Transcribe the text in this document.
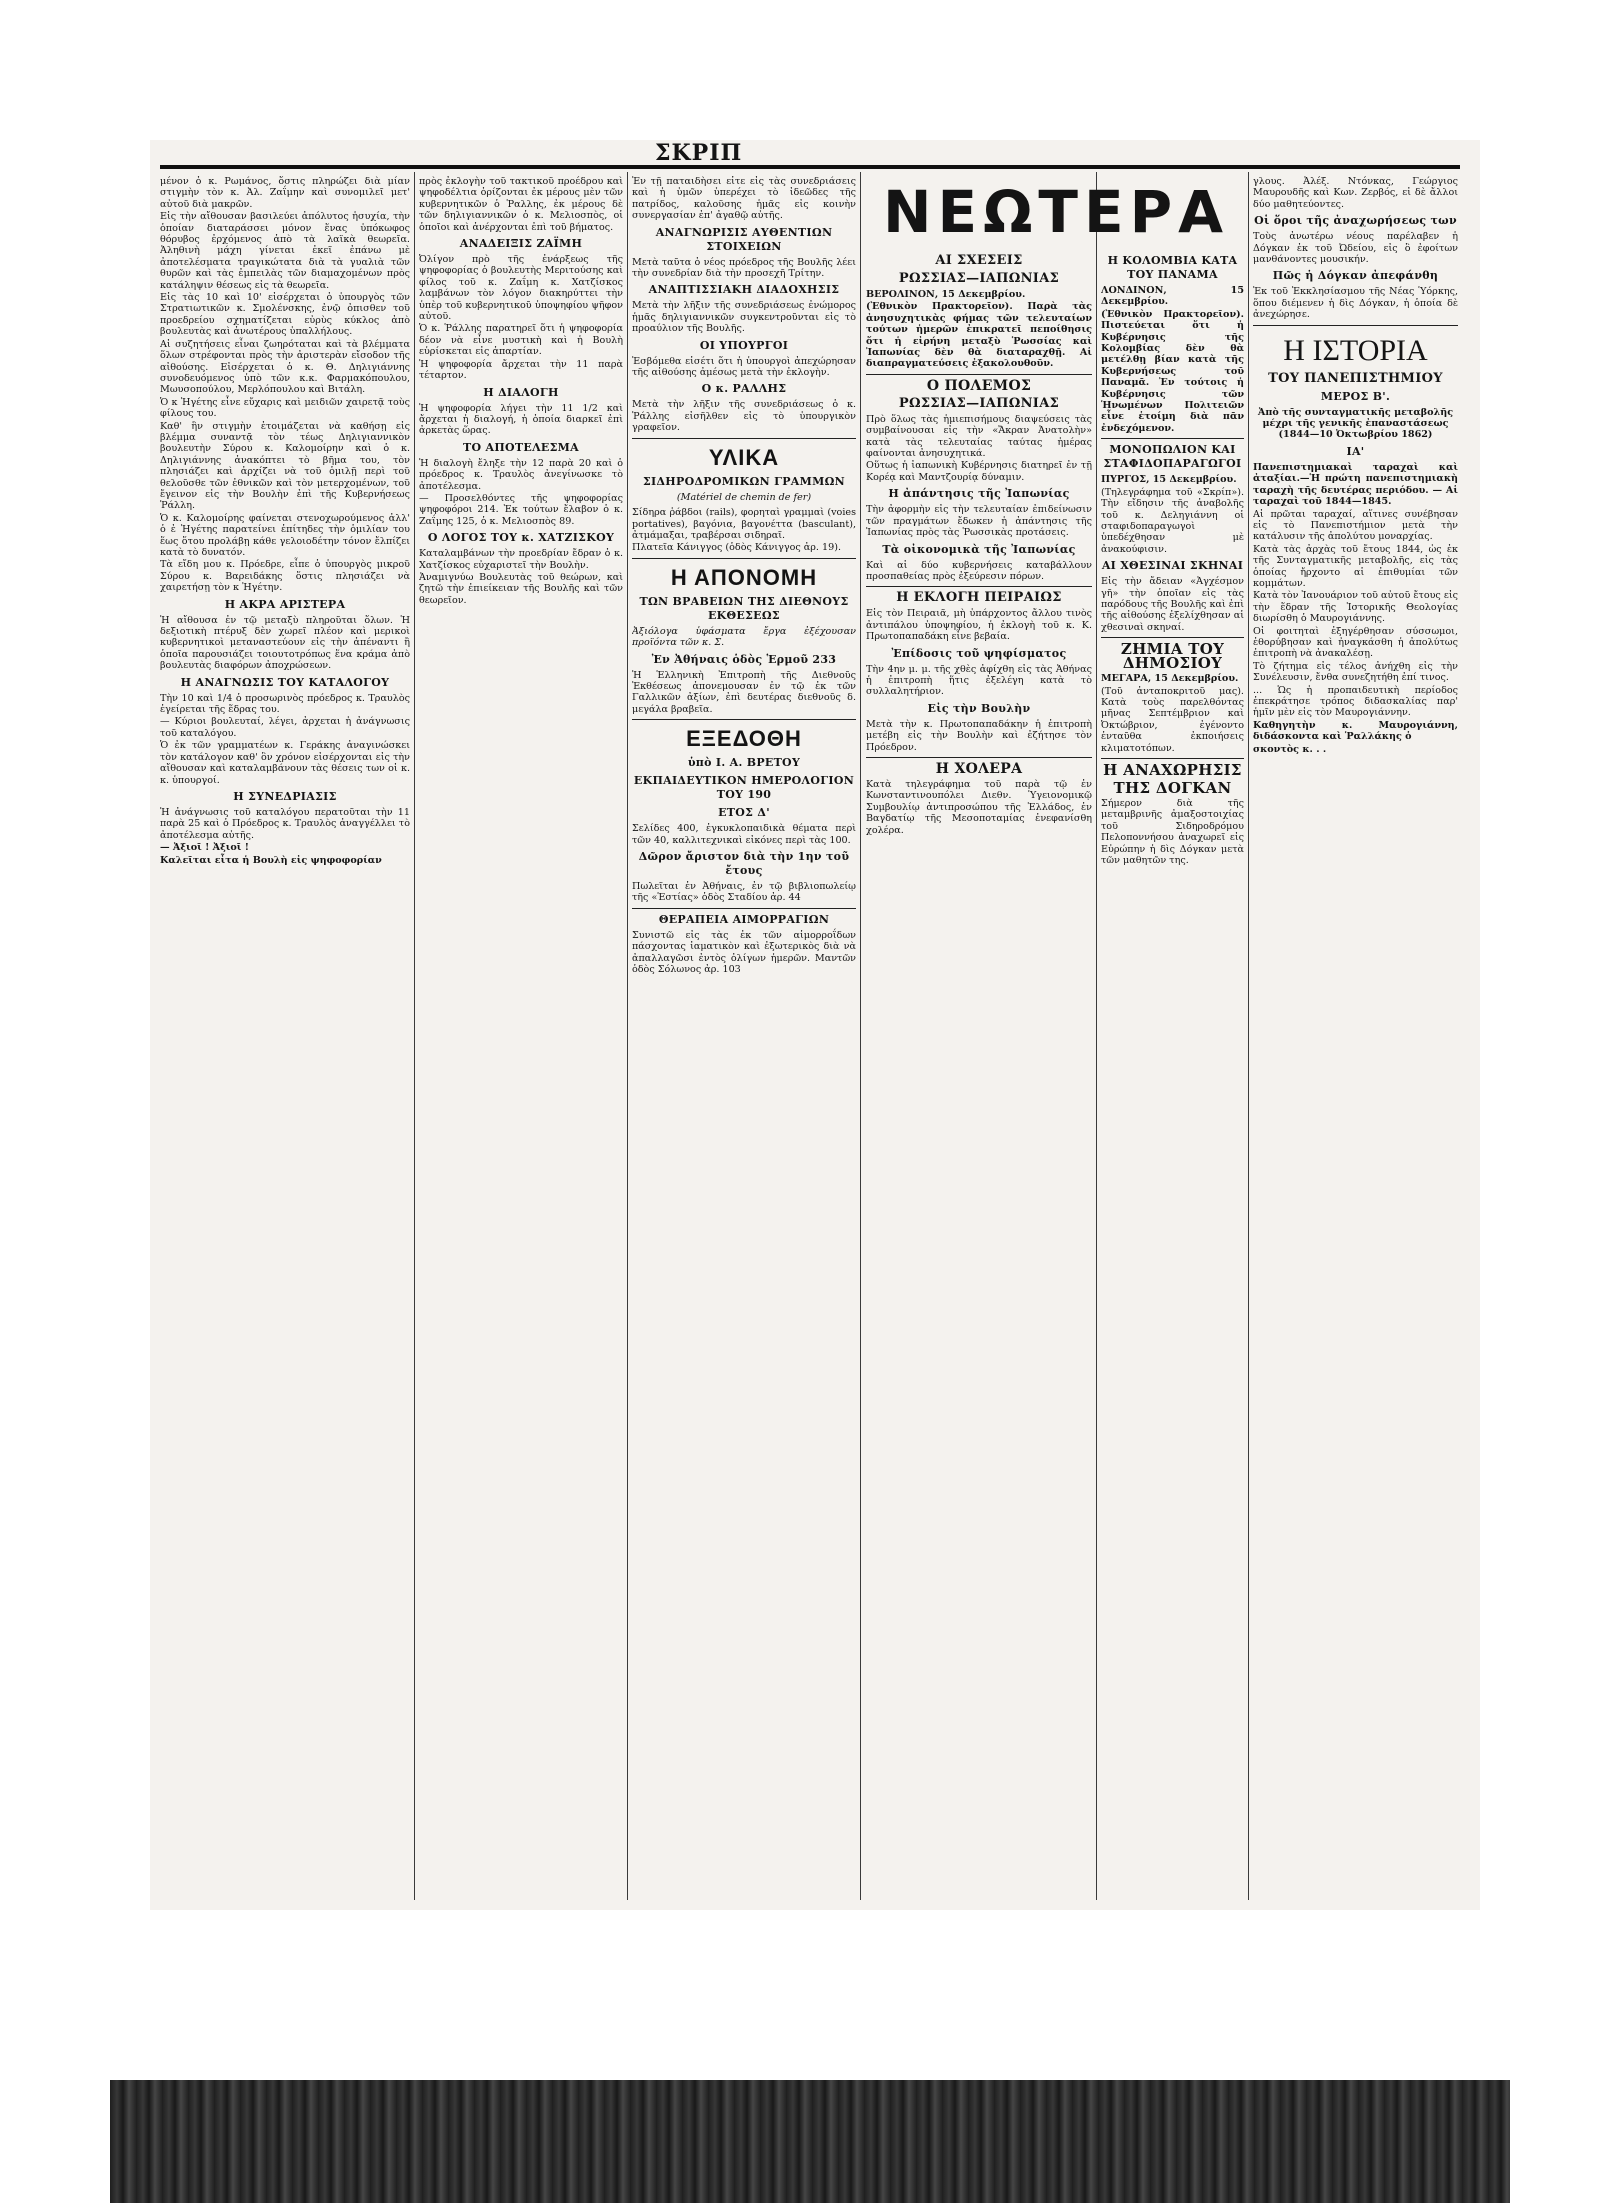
ΣΚΡΙΠ

μένον ὁ κ. Ρωμάνος, ὅστις πληρώζει διὰ μίαν στιγμὴν τὸν κ. Ἀλ. Ζαΐμην καὶ συνομιλεῖ μετ' αὐτοῦ διὰ μακρῶν.

Εἰς τὴν αἴθουσαν βασιλεύει ἀπόλυτος ἡσυχία, τὴν ὁποίαν διαταράσσει μόνον ἕνας ὑπόκωφος θόρυβος ἐρχόμενος ἀπὸ τὰ λαϊκὰ θεωρεῖα. Ἀληθινὴ μάχη γίνεται ἐκεῖ ἐπάνω μὲ ἀποτελέσματα τραγικώτατα διὰ τὰ γυαλιὰ τῶν θυρῶν καὶ τὰς ἐμπειλὰς τῶν διαμαχομένων πρὸς κατάληψιν θέσεως εἰς τὰ θεωρεῖα.

Εἰς τὰς 10 καὶ 10' εἰσέρχεται ὁ ὑπουργὸς τῶν Στρατιωτικῶν κ. Σμολένσκης, ἐνῷ ὀπισθεν τοῦ προεδρείου σχηματίζεται εὐρὺς κύκλος ἀπὸ βουλευτὰς καὶ ἀνωτέρους ὑπαλλήλους.

Αἱ συζητήσεις εἶναι ζωηρόταται καὶ τὰ βλέμματα ὅλων στρέφονται πρὸς τὴν ἀριστερὰν εἴσοδον τῆς αἰθούσης. Εἰσέρχεται ὁ κ. Θ. Δηλιγιάννης συνοδευόμενος ὑπὸ τῶν κ.κ. Φαρμακόπουλου, Μωυσοπούλου, Μερλόπουλου καὶ Βιτάλη.

Ὁ κ Ἠγέτης εἶνε εὔχαρις καὶ μειδιῶν χαιρετᾷ τοὺς φίλους του.

Καθ' ἣν στιγμὴν ἑτοιμάζεται νὰ καθήσῃ εἰς βλέμμα συναντᾷ τὸν τέως Δηλιγιαννικὸν βουλευτὴν Σύρου κ. Καλομοίρην καὶ ὁ κ. Δηλιγιάννης ἀνακόπτει τὸ βῆμα του, τὸν πλησιάζει καὶ ἀρχίζει νὰ τοῦ ὁμιλῇ περὶ τοῦ θελοῦσθε τῶν ἐθνικῶν καὶ τὸν μετερχομένων, τοῦ ἔγεινον εἰς τὴν Βουλὴν ἐπὶ τῆς Κυβερνήσεως Ῥάλλη.

Ὁ κ. Καλομοίρης φαίνεται στενοχωρούμενος ἀλλ' ὁ ἐ Ἠγέτης παρατείνει ἐπίτηδες τὴν ὁμιλίαν του ἕως ὅτου προλάβῃ κάθε γελοιοδέτην τόνον ἔλπίζει κατὰ τὸ δυνατόν.

Τὰ εἴδη μου κ. Πρόεδρε, εἶπε ὁ ὑπουργὸς μικροῦ Σύρου κ. Βαρειδάκης ὅστις πλησιάζει νὰ χαιρετήσῃ τὸν κ Ἠγέτην.

Η ΑΚΡΑ ΑΡΙΣΤΕΡΑ

Ἡ αἴθουσα ἐν τῷ μεταξὺ πληροῦται ὅλων. Ἡ δεξιοτικὴ πτέρυξ δὲν χωρεῖ πλέον καὶ μερικοὶ κυβερνητικοὶ μεταναστεύουν εἰς τὴν ἀπέναντι ἢ ὁποῖα παρουσιάζει τοιουτοτρόπως ἕνα κράμα ἀπὸ βουλευτὰς διαφόρων ἀποχρώσεων.

Η ΑΝΑΓΝΩΣΙΣ ΤΟΥ ΚΑΤΑΛΟΓΟΥ

Τὴν 10 καὶ 1/4 ὁ προσωρινὸς πρόεδρος κ. Τραυλὸς ἐγείρεται τῆς ἕδρας του.

— Κύριοι βουλευταί, λέγει, ἀρχεται ἡ ἀνάγνωσις τοῦ καταλόγου.

Ὁ ἐκ τῶν γραμματέων κ. Γεράκης ἀναγινώσκει τὸν κατάλογον καθ' ὃν χρόνον εἰσέρχονται εἰς τὴν αἴθουσαν καὶ καταλαμβάνουν τὰς θέσεις των οἱ κ. κ. ὑπουργοί.

Η ΣΥΝΕΔΡΙΑΣΙΣ

Ἡ ἀνάγνωσις τοῦ καταλόγου περατοῦται τὴν 11 παρὰ 25 καὶ ὁ Πρόεδρος κ. Τραυλὸς ἀναγγέλλει τὸ ἀποτέλεσμα αὐτῆς.

— Ἀξιοῖ ! Ἀξιοῖ !

Καλεῖται εἶτα ἡ Βουλὴ εἰς ψηφοφορίαν

πρὸς ἐκλογὴν τοῦ τακτικοῦ προέδρου καὶ ψηφοδέλτια ὁρίζονται ἐκ μέρους μὲν τῶν κυβερνητικῶν ὁ Ῥαλλης, ἐκ μέρους δὲ τῶν δηλιγιαννικῶν ὁ κ. Μελιοσπὸς, οἱ ὁποῖοι καὶ ἀνέρχονται ἐπὶ τοῦ βήματος.

ΑΝΑΔΕΙΞΙΣ ΖΑΪΜΗ

Ὀλίγον πρὸ τῆς ἐνάρξεως τῆς ψηφοφορίας ὁ βουλευτὴς Μεριτούσης καὶ φίλος τοῦ κ. Ζαΐμη κ. Χατζίσκος λαμβάνων τὸν λόγον διακηρύττει τὴν ὑπὲρ τοῦ κυβερνητικοῦ ὑποψηφίου ψῆφον αὐτοῦ.

Ὁ κ. Ῥάλλης παρατηρεῖ ὅτι ἡ ψηφοφορία δέον νὰ εἶνε μυστικὴ καὶ ἡ Βουλὴ εὑρίσκεται εἰς ἀπαρτίαν.

Ἡ ψηφοφορία ἄρχεται τὴν 11 παρὰ τέταρτον.

Η ΔΙΑΛΟΓΗ

Ἡ ψηφοφορία λήγει τὴν 11 1/2 καὶ ἄρχεται ἡ διαλογή, ἡ ὁποία διαρκεῖ ἐπὶ ἀρκετὰς ὥρας.

ΤΟ ΑΠΟΤΕΛΕΣΜΑ

Ἡ διαλογὴ ἔληξε τὴν 12 παρὰ 20 καὶ ὁ πρόεδρος κ. Τραυλὸς ἀνεγίνωσκε τὸ ἀποτέλεσμα.

— Προσελθόντες τῆς ψηφοφορίας ψηφοφόροι 214. Ἐκ τούτων ἔλαβον ὁ κ. Ζαΐμης 125, ὁ κ. Μελιοσπὸς 89.

Ο ΛΟΓΟΣ ΤΟΥ κ. ΧΑΤΖΙΣΚΟΥ

Καταλαμβάνων τὴν προεδρίαν ἔδραν ὁ κ. Χατζίσκος εὐχαριστεῖ τὴν Βουλὴν.

Ἀναμιγνύω Βουλευτὰς τοῦ θεώρων, καὶ ζητῶ τὴν ἐπιείκειαν τῆς Βουλῆς καὶ τῶν θεωρεῖον.

Ἐν τῇ παταιδὴσει εἶτε εἰς τὰς συνεδριάσεις καὶ ἡ ὑμῶν ὑπερέχει τὸ ἰδεῶδες τῆς πατρίδος, καλοῦσης ἡμᾶς εἰς κοινὴν συνεργασίαν ἐπ' ἀγαθῷ αὐτῆς.

ΑΝΑΓΝΩΡΙΣΙΣ ΑΥΘΕΝΤΙΩΝ ΣΤΟΙΧΕΙΩΝ

Μετὰ ταῦτα ὁ νέος πρόεδρος τῆς Βουλῆς λέει τὴν συνεδρίαν διὰ τὴν προσεχῆ Τρίτην.

ΑΝΑΠΤΙΣΣΙΑΚΗ ΔΙΑΔΟΧΗΣΙΣ

Μετὰ τὴν λῆξιν τῆς συνεδριάσεως ἐνώμορος ἡμᾶς δηλιγιαννικῶν συγκεντροῦνται εἰς τὸ προαύλιον τῆς Βουλῆς.

ΟΙ ΥΠΟΥΡΓΟΙ

Ἐσβόμεθα εἰσέτι ὅτι ἡ ὑπουργοὶ ἀπεχώρησαν τῆς αἰθούσης ἀμέσως μετὰ τὴν ἐκλογὴν.

Ο κ. ΡΑΛΛΗΣ

Μετὰ τὴν λῆξιν τῆς συνεδριάσεως ὁ κ. Ῥάλλης εἰσῆλθεν εἰς τὸ ὑπουργικὸν γραφεῖον.

ΥΛΙΚΑ
ΣΙΔΗΡΟΔΡΟΜΙΚΩΝ ΓΡΑΜΜΩΝ
(Matériel de chemin de fer)

Σίδηρα ῥάβδοι (rails), φορηταὶ γραμμαὶ (voies portatives), βαγόνια, βαγονέττα (basculant), ἀτμάμαξαι, τραβέρσαι σιδηραῖ.

Πλατεῖα Κάνιγγος (ὁδὸς Κάνιγγος ἀρ. 19).

Η ΑΠΟΝΟΜΗ
ΤΩΝ ΒΡΑΒΕΙΩΝ ΤΗΣ ΔΙΕΘΝΟΥΣ ΕΚΘΕΣΕΩΣ

Ἀξιόλογα ὑφάσματα ἔργα ἐξέχουσαν προϊόντα τῶν κ. Σ.

Ἐν Ἀθήναις ὁδὸς Ἑρμοῦ 233

Ἡ Ἑλληνικὴ Ἐπιτροπὴ τῆς Διεθνοῦς Ἐκθέσεως ἀπονεμουσαν ἐν τῷ ἐκ τῶν Γαλλικῶν ἀξίων, ἐπὶ δευτέρας διεθνοῦς δ. μεγάλα βραβεῖα.

ΕΞΕΔΟΘΗ
ὑπὸ Ι. Α. ΒΡΕΤΟΥ
ΕΚΠΑΙΔΕΥΤΙΚΟΝ ΗΜΕΡΟΛΟΓΙΟΝ ΤΟΥ 190
ΕΤΟΣ Δ'

Σελίδες 400, ἐγκυκλοπαιδικὰ θέματα περὶ τῶν 40, καλλιτεχνικαὶ εἰκόνες περὶ τὰς 100.

Δῶρον ἄριστον διὰ τὴν 1ην τοῦ ἔτους

Πωλεῖται ἐν Ἀθήναις, ἐν τῷ βιβλιοπωλείῳ τῆς «Ἑστίας» ὁδὸς Σταδίου ἀρ. 44

ΘΕΡΑΠΕΙΑ ΑΙΜΟΡΡΑΓΙΩΝ

Συνιστῶ εἰς τὰς ἐκ τῶν αἱμορροΐδων πάσχοντας ἰαματικὸν καὶ ἐξωτερικὸς διὰ νὰ ἀπαλλαγῶσι ἐντὸς ὀλίγων ἡμερῶν. Μαντῶν ὁδὸς Σόλωνος ἀρ. 103

ΝΕΩΤΕΡΑ
ΑΙ ΣΧΕΣΕΙΣ
ΡΩΣΣΙΑΣ—ΙΑΠΩΝΙΑΣ

ΒΕΡΟΛΙΝΟΝ, 15 Δεκεμβρίου.

(Ἐθνικὸν Πρακτορεῖον). Παρὰ τὰς ἀνησυχητικὰς φήμας τῶν τελευταίων τούτων ἡμερῶν ἐπικρατεῖ πεποίθησις ὅτι ἡ εἰρήνη μεταξὺ Ῥωσσίας καὶ Ἰαπωνίας δὲν θὰ διαταραχθῇ. Αἱ διαπραγματεύσεις ἐξακολουθοῦν.

Ο ΠΟΛΕΜΟΣ
ΡΩΣΣΙΑΣ—ΙΑΠΩΝΙΑΣ

Πρὸ ὅλως τὰς ἡμιεπισήμους διαψεύσεις τὰς συμβαίνουσαι εἰς τὴν «Ἄκραν Ἀνατολὴν» κατὰ τὰς τελευταίας ταύτας ἡμέρας φαίνονται ἀνησυχητικά.

Οὕτως ἡ ἰαπωνικὴ Κυβέρνησις διατηρεῖ ἐν τῇ Κορέᾳ καὶ Μαντζουρίᾳ δύναμιν.

Η ἀπάντησις τῆς Ἰαπωνίας

Τὴν ἀφορμὴν εἰς τὴν τελευταίαν ἐπιδείνωσιν τῶν πραγμάτων ἔδωκεν ἡ ἀπάντησις τῆς Ἰαπωνίας πρὸς τὰς Ῥωσσικὰς προτάσεις.

Τὰ οἰκονομικὰ τῆς Ἰαπωνίας

Καὶ αἱ δύο κυβερνήσεις καταβάλλουν προσπαθείας πρὸς ἐξεύρεσιν πόρων.

Η ΕΚΛΟΓΗ ΠΕΙΡΑΙΩΣ

Εἰς τὸν Πειραιᾶ, μὴ ὑπάρχοντος ἄλλου τινὸς ἀντιπάλου ὑποψηφίου, ἡ ἐκλογὴ τοῦ κ. Κ. Πρωτοπαπαδάκη εἶνε βεβαία.

Ἐπίδοσις τοῦ ψηφίσματος

Τὴν 4ην μ. μ. τῆς χθὲς ἀφίχθη εἰς τὰς Ἀθήνας ἡ ἐπιτροπὴ ἥτις ἐξελέγη κατὰ τὸ συλλαλητήριον.

Εἰς τὴν Βουλὴν

Μετὰ τὴν κ. Πρωτοπαπαδάκην ἡ ἐπιτροπὴ μετέβη εἰς τὴν Βουλὴν καὶ ἐζήτησε τὸν Πρόεδρον.

Η ΧΟΛΕΡΑ

Κατὰ τηλεγράφημα τοῦ παρὰ τῷ ἐν Κωνσταντινουπόλει Διεθν. Ὑγειονομικῷ Συμβουλίῳ ἀντιπροσώπου τῆς Ἑλλάδος, ἐν Βαγδατίῳ τῆς Μεσοποταμίας ἐνεφανίσθη χολέρα.

Η ΚΟΛΟΜΒΙΑ ΚΑΤΑ ΤΟΥ ΠΑΝΑΜΑ

ΛΟΝΔΙΝΟΝ, 15 Δεκεμβρίου.

(Ἐθνικὸν Πρακτορεῖον). Πιστεύεται ὅτι ἡ Κυβέρνησις τῆς Κολομβίας δὲν θὰ μετέλθῃ βίαν κατὰ τῆς Κυβερνήσεως τοῦ Παναμᾶ. Ἐν τούτοις ἡ Κυβέρνησις τῶν Ἡνωμένων Πολιτειῶν εἶνε ἑτοίμη διὰ πᾶν ἐνδεχόμενον.

ΜΟΝΟΠΩΛΙΟΝ ΚΑΙ ΣΤΑΦΙΔΟΠΑΡΑΓΩΓΟΙ

ΠΥΡΓΟΣ, 15 Δεκεμβρίου.

(Τηλεγράφημα τοῦ «Σκρίπ»). Τὴν εἴδησιν τῆς ἀναβολῆς τοῦ κ. Δεληγιάννη οἱ σταφιδοπαραγωγοὶ ὑπεδέχθησαν μὲ ἀνακούφισιν.

ΑΙ ΧΘΕΣΙΝΑΙ ΣΚΗΝΑΙ

Εἰς τὴν ἄδειαν «Ἀγχέσμον γῆ» τὴν ὁποῖαν εἰς τὰς παρόδους τῆς Βουλῆς καὶ ἐπὶ τῆς αἰθούσης ἐξελίχθησαν αἱ χθεσιναὶ σκηναί.

ΖΗΜΙΑ ΤΟΥ ΔΗΜΟΣΙΟΥ

ΜΕΓΑΡΑ, 15 Δεκεμβρίου.

(Τοῦ ἀνταποκριτοῦ μας). Κατὰ τοὺς παρελθόντας μῆνας Σεπτέμβριον καὶ Ὀκτώβριον, ἐγένοντο ἐνταῦθα ἐκποιήσεις κλιματοτόπων.

Η ΑΝΑΧΩΡΗΣΙΣ
ΤΗΣ ΔΟΓΚΑΝ

Σήμερον διὰ τῆς μεταμβρινῆς ἀμαξοστοιχίας τοῦ Σιδηροδρόμου Πελοποννήσου ἀναχωρεῖ εἰς Εὐρώπην ἡ δὶς Δόγκαν μετὰ τῶν μαθητῶν της.

γλους. Ἀλέξ. Ντόνκας, Γεώργιος Μαυρουδῆς καὶ Κων. Ζερβός, εἰ δὲ ἄλλοι δύο μαθητεύοντες.

Οἱ ὅροι τῆς ἀναχωρήσεως των

Τοὺς ἀνωτέρω νέους παρέλαβεν ἡ Δόγκαν ἐκ τοῦ Ὠδείου, εἰς ὃ ἐφοίτων μανθάνοντες μουσικήν.

Πῶς ἡ Δόγκαν ἀπεφάνθη

Ἐκ τοῦ Ἐκκλησίασμου τῆς Νέας Ὑόρκης, ὅπου διέμενεν ἡ δὶς Δόγκαν, ἡ ὁποία δὲ ἀνεχώρησε.

Η ΙΣΤΟΡΙΑ
ΤΟΥ ΠΑΝΕΠΙΣΤΗΜΙΟΥ
ΜΕΡΟΣ Β'.

Ἀπὸ τῆς συνταγματικῆς μεταβολῆς μέχρι τῆς γενικῆς ἐπαναστάσεως (1844—10 Ὀκτωβρίου 1862)

ΙΑ'

Πανεπιστημιακαὶ ταραχαὶ καὶ ἀταξίαι.—Ἡ πρώτη πανεπιστημιακὴ ταραχὴ τῆς δευτέρας περιόδου. — Αἱ ταραχαὶ τοῦ 1844—1845.

Αἱ πρῶται ταραχαί, αἵτινες συνέβησαν εἰς τὸ Πανεπιστήμιον μετὰ τὴν κατάλυσιν τῆς ἀπολύτου μοναρχίας.

Κατὰ τὰς ἀρχὰς τοῦ ἔτους 1844, ὡς ἐκ τῆς Συνταγματικῆς μεταβολῆς, εἰς τὰς ὁποίας ἤρχοντο αἱ ἐπιθυμίαι τῶν κομμάτων.

Κατὰ τὸν Ἰανουάριον τοῦ αὐτοῦ ἔτους εἰς τὴν ἕδραν τῆς Ἱστορικῆς Θεολογίας διωρίσθη ὁ Μαυρογιάννης.

Οἱ φοιτηταὶ ἐξηγέρθησαν σύσσωμοι, ἐθορύβησαν καὶ ἠναγκάσθη ἡ ἀπολύτως ἐπιτροπὴ νὰ ἀνακαλέσῃ.

Τὸ ζήτημα εἰς τέλος ἀνήχθη εἰς τὴν Συνέλευσιν, ἔνθα συνεζητήθη ἐπί τινος.

... Ὡς ἡ προπαιδευτικὴ περίοδος ἐπεκράτησε τρόπος διδασκαλίας παρ' ἡμῖν μὲν εἰς τὸν Μαυρογιάννην.

Καθηγητὴν κ. Μαυρογιάννη, διδάσκοντα καὶ Ῥαλλάκης ὁ

σκοντὸς κ. . .
